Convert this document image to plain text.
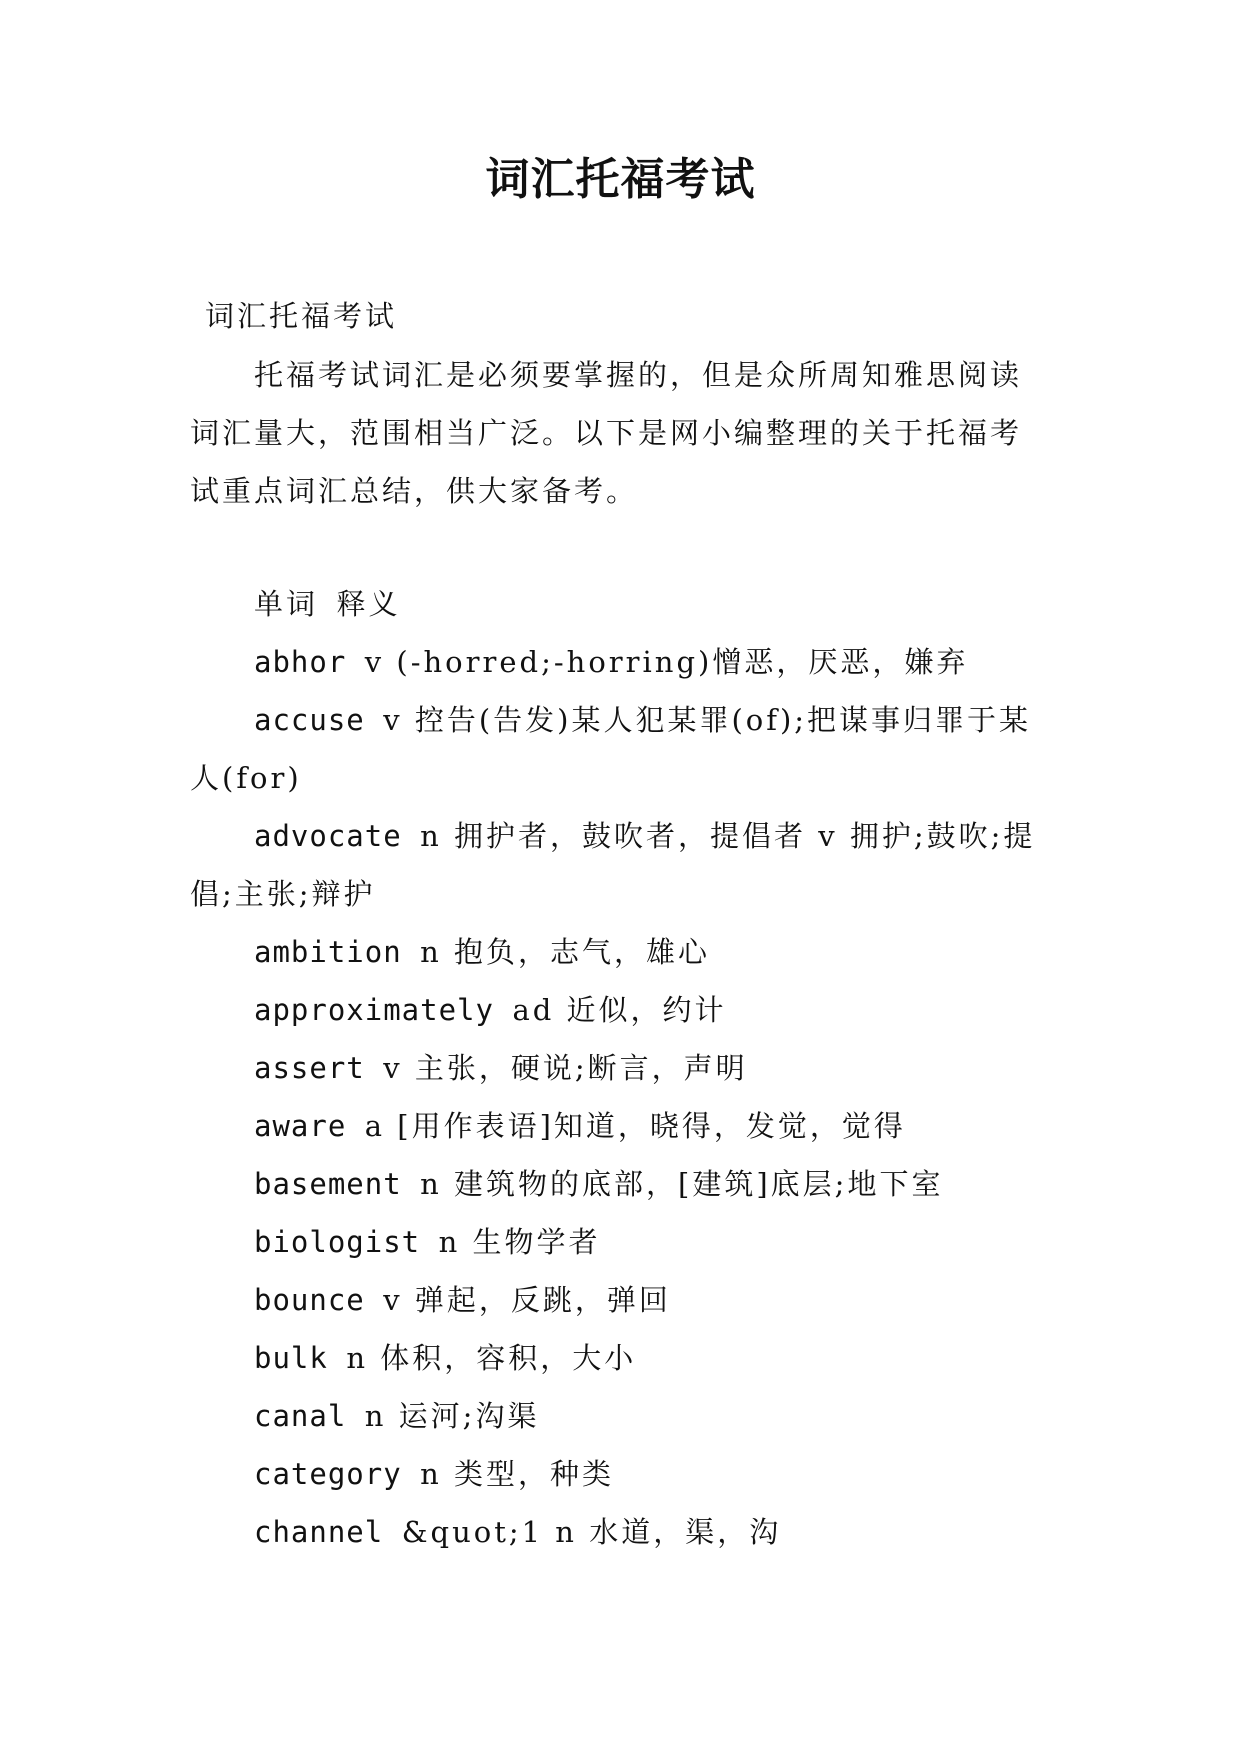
词汇托福考试
词汇托福考试
托福考试词汇是必须要掌握的，但是众所周知雅思阅读词汇量大，范围相当广泛。以下是网小编整理的关于托福考试重点词汇总结，供大家备考。
单词 释义
abhor v (-horred;-horring)憎恶，厌恶，嫌弃
accuse v 控告(告发)某人犯某罪(of);把谋事归罪于某人(for)
advocate n 拥护者，鼓吹者，提倡者 v 拥护;鼓吹;提倡;主张;辩护
ambition n 抱负，志气，雄心
approximately ad 近似，约计
assert v 主张，硬说;断言，声明
aware a [用作表语]知道，晓得，发觉，觉得
basement n 建筑物的底部，[建筑]底层;地下室
biologist n 生物学者
bounce v 弹起，反跳，弹回
bulk n 体积，容积，大小
canal n 运河;沟渠
category n 类型，种类
channel &quot;1 n 水道，渠，沟
